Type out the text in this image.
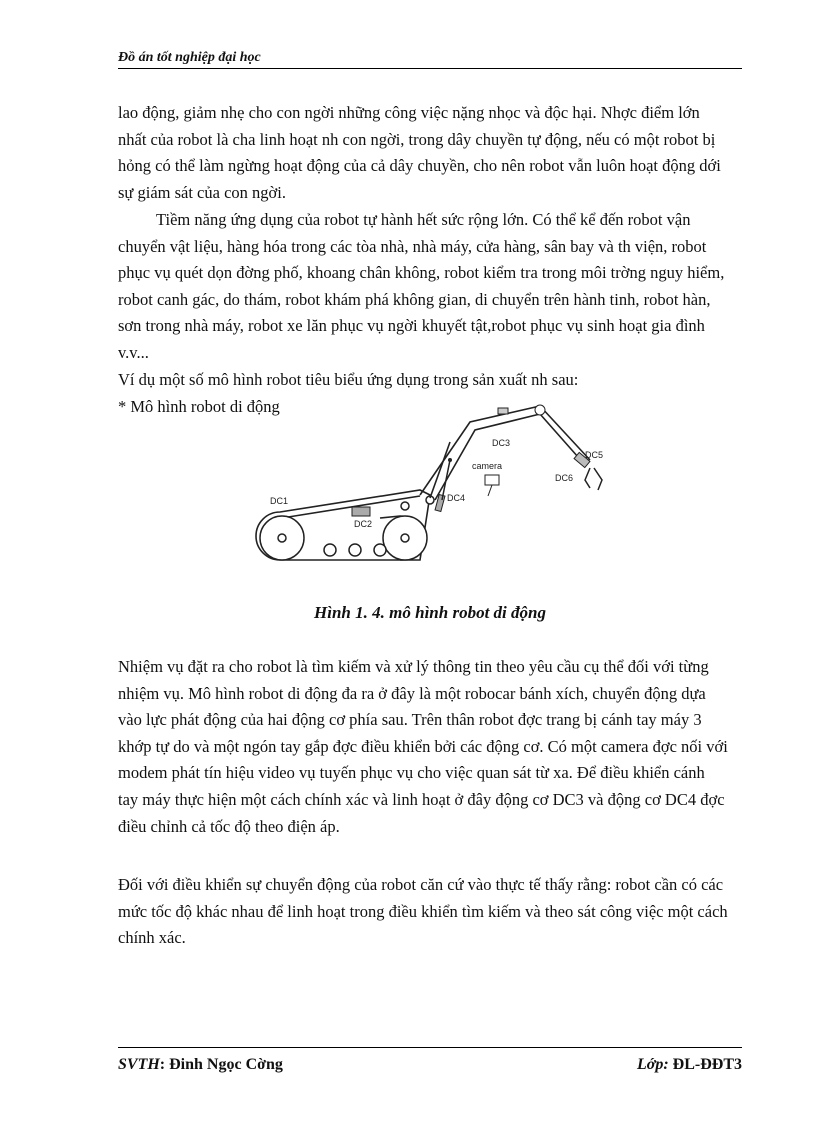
Đồ án tốt nghiệp đại học

lao động, giảm nhẹ cho con ngời những công việc nặng nhọc và độc hại. Nhợc điểm lớn nhất của robot là cha linh hoạt nh con ngời, trong dây chuyền tự động, nếu có một robot bị hỏng có thể làm ngừng hoạt động của cả dây chuyền, cho nên robot vẫn luôn hoạt động dới sự giám sát của con ngời.

Tiềm năng ứng dụng của robot tự hành hết sức rộng lớn. Có thể kể đến robot vận chuyển vật liệu, hàng hóa trong các tòa nhà, nhà máy, cửa hàng, sân bay và th viện, robot phục vụ quét dọn đờng phố, khoang chân không, robot kiểm tra trong môi trờng nguy hiểm, robot canh gác, do thám, robot khám phá không gian, di chuyển trên hành tinh, robot hàn, sơn trong nhà máy, robot xe lăn phục vụ ngời khuyết tật,robot phục vụ sinh hoạt gia đình v.v...

Ví dụ một số mô hình robot tiêu biểu ứng dụng trong sản xuất nh sau:

* Mô hình robot di động

DC1
DC2
DC3
DC4
DC5
DC6
camera
Hình 1. 4. mô hình robot di động

Nhiệm vụ đặt ra cho robot là tìm kiếm và xử lý thông tin theo yêu cầu cụ thể đối với từng nhiệm vụ. Mô hình robot di động đa ra ở đây là một robocar bánh xích, chuyển động dựa vào lực phát động của hai động cơ phía sau. Trên thân robot đợc trang bị cánh tay máy 3 khớp tự do và một ngón tay gắp đợc điều khiển bởi các động cơ. Có một camera đợc nối với modem phát tín hiệu video vụ tuyến phục vụ cho việc quan sát từ xa. Để điều khiển cánh tay máy thực hiện một cách chính xác và linh hoạt ở đây động cơ DC3 và động cơ DC4 đợc điều chỉnh cả tốc độ theo điện áp.

Đối với điều khiển sự chuyển động của robot căn cứ vào thực tế thấy rằng: robot cần có các mức tốc độ khác nhau để linh hoạt trong điều khiển tìm kiếm và theo sát công việc một cách chính xác.

SVTH: Đinh Ngọc Cờng	Lớp: ĐL-ĐĐT3
